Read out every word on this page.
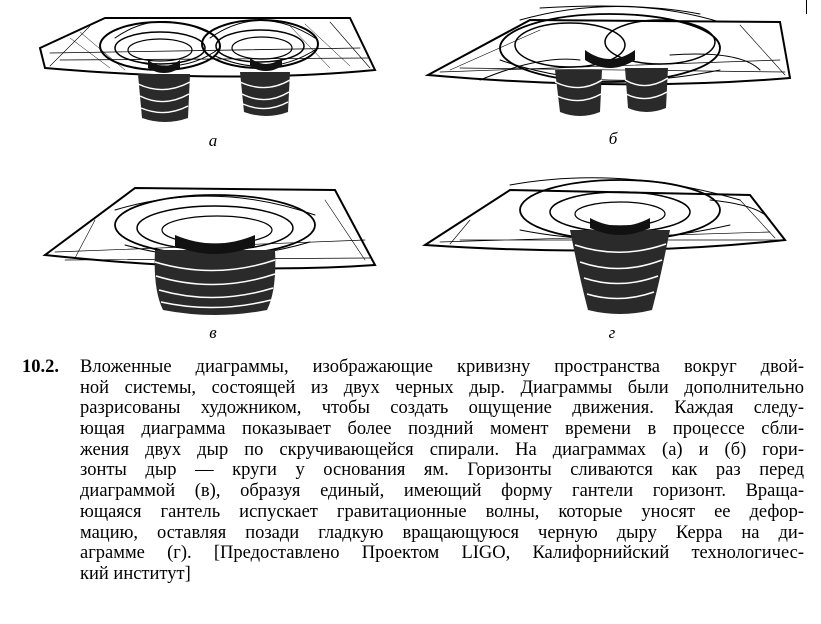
а	б
в	г
10.2. Вложенные диаграммы, изображающие кривизну пространства вокруг двой-
ной системы, состоящей из двух черных дыр. Диаграммы были дополнительно
разрисованы художником, чтобы создать ощущение движения. Каждая следу-
ющая диаграмма показывает более поздний момент времени в процессе сбли-
жения двух дыр по скручивающейся спирали. На диаграммах (а) и (б) гори-
зонты дыр — круги у основания ям. Горизонты сливаются как раз перед
диаграммой (в), образуя единый, имеющий форму гантели горизонт. Враща-
ющаяся гантель испускает гравитационные волны, которые уносят ее дефор-
мацию, оставляя позади гладкую вращающуюся черную дыру Керра на ди-
аграмме (г). [Предоставлено Проектом LIGO, Калифорнийский технологичес-
кий институт]
